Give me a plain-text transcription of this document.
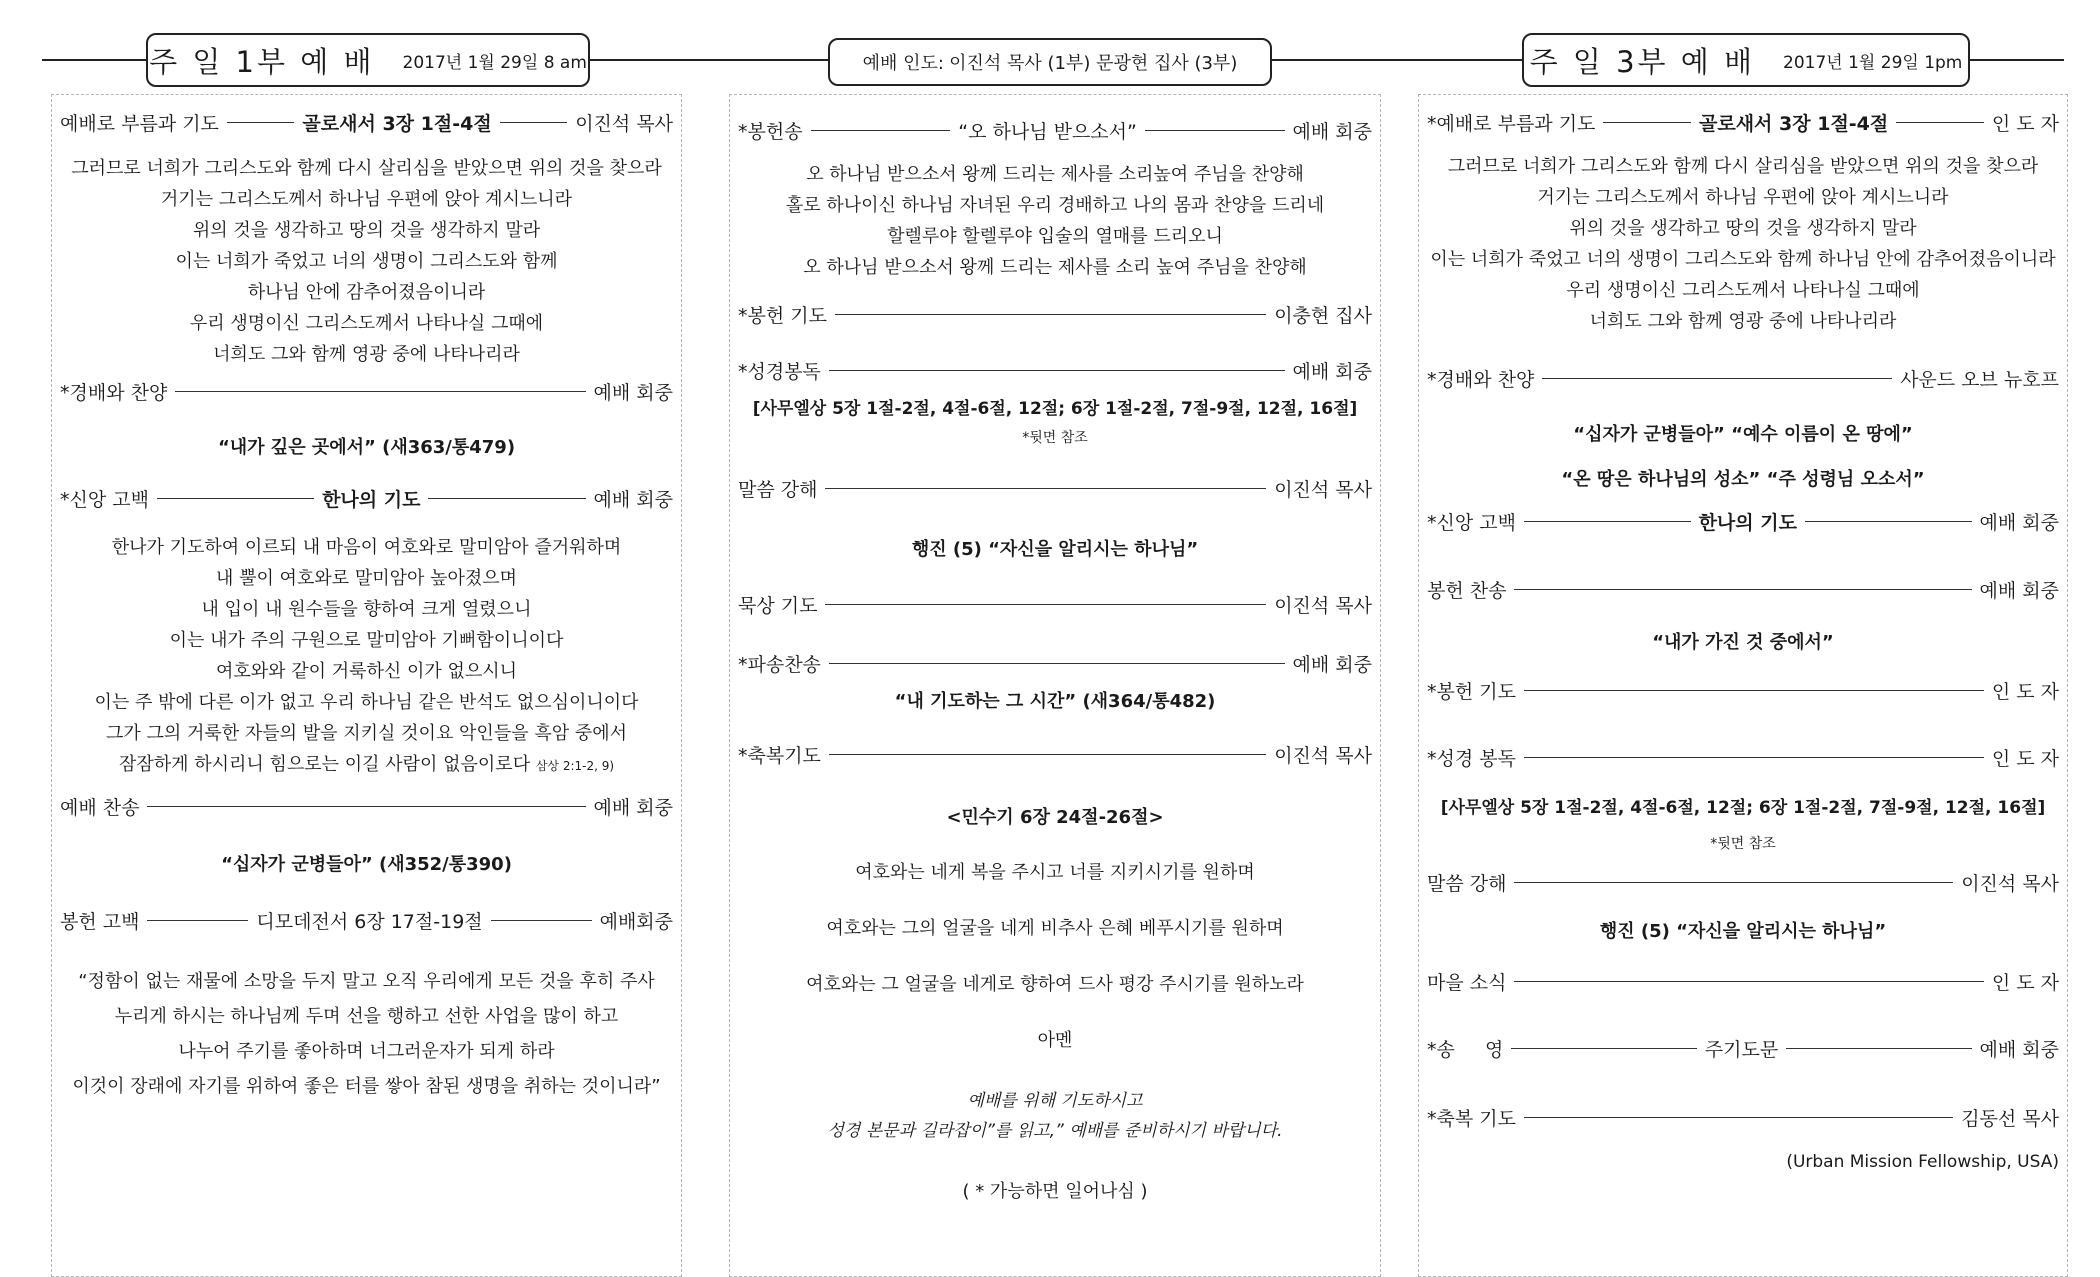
주 일 1부 예 배 2017년 1월 29일 8 am	예배 인도:
이진석 목사 (1부) 문광현 집사 (3부)	주 일 3부 예 배 2017년 1월 29일 1pm
예배로 부름과 기도	골로새서 3장 1절-4절	이진석 목사
그러므로 너희가 그리스도와 함께 다시 살리심을 받았으면 위의 것을 찾으라
거기는 그리스도께서 하나님 우편에 앉아 계시느니라
위의 것을 생각하고 땅의 것을 생각하지 말라
이는 너희가 죽었고 너의 생명이 그리스도와 함께
하나님 안에 감추어졌음이니라
우리 생명이신 그리스도께서 나타나실 그때에
너희도 그와 함께 영광 중에 나타나리라
*경배와 찬양	예배 회중
“내가 깊은 곳에서” (새363/통479)
*신앙 고백	한나의 기도	예배 회중
한나가 기도하여 이르되 내 마음이 여호와로 말미암아 즐거워하며
내 뿔이 여호와로 말미암아 높아졌으며
내 입이 내 원수들을 향하여 크게 열렸으니
이는 내가 주의 구원으로 말미암아 기뻐함이니이다
여호와와 같이 거룩하신 이가 없으시니
이는 주 밖에 다른 이가 없고 우리 하나님 같은 반석도 없으심이니이다
그가 그의 거룩한 자들의 발을 지키실 것이요 악인들을 흑암 중에서
잠잠하게 하시리니 힘으로는 이길 사람이 없음이로다 삼상 2:1-2, 9)
예배 찬송	예배 회중
“십자가 군병들아” (새352/통390)
봉헌 고백	디모데전서 6장 17절-19절	예배회중
“정함이 없는 재물에 소망을 두지 말고 오직 우리에게 모든 것을 후히 주사
누리게 하시는 하나님께 두며 선을 행하고 선한 사업을 많이 하고
나누어 주기를 좋아하며 너그러운자가 되게 하라
이것이 장래에 자기를 위하여 좋은 터를 쌓아 참된 생명을 취하는 것이니라”
*봉헌송	“오 하나님 받으소서”	예배 회중
오 하나님 받으소서 왕께 드리는 제사를 소리높여 주님을 찬양해
홀로 하나이신 하나님 자녀된 우리 경배하고 나의 몸과 찬양을 드리네
할렐루야 할렐루야 입술의 열매를 드리오니
오 하나님 받으소서 왕께 드리는 제사를 소리 높여 주님을 찬양해
*봉헌 기도	이충현 집사
*성경봉독	예배 회중
[사무엘상 5장 1절-2절, 4절-6절, 12절; 6장 1절-2절, 7절-9절, 12절, 16절]
*뒷면 참조
말씀 강해	이진석 목사
행진 (5) “자신을 알리시는 하나님”
묵상 기도	이진석 목사
*파송찬송	예배 회중
“내 기도하는 그 시간” (새364/통482)
*축복기도	이진석 목사
<민수기 6장 24절-26절>
여호와는 네게 복을 주시고 너를 지키시기를 원하며
여호와는 그의 얼굴을 네게 비추사 은혜 베푸시기를 원하며
여호와는 그 얼굴을 네게로 향하여 드사 평강 주시기를 원하노라
아멘
예배를 위해 기도하시고
성경 본문과 길라잡이”를 읽고,” 예배를 준비하시기 바랍니다.
( * 가능하면 일어나심 )
*예배로 부름과 기도	골로새서 3장 1절-4절	인 도 자
그러므로 너희가 그리스도와 함께 다시 살리심을 받았으면 위의 것을 찾으라
거기는 그리스도께서 하나님 우편에 앉아 계시느니라
위의 것을 생각하고 땅의 것을 생각하지 말라
이는 너희가 죽었고 너의 생명이 그리스도와 함께 하나님 안에 감추어졌음이니라
우리 생명이신 그리스도께서 나타나실 그때에
너희도 그와 함께 영광 중에 나타나리라
*경배와 찬양	사운드 오브 뉴호프
“십자가 군병들아” “예수 이름이 온 땅에”
“온 땅은 하나님의 성소” “주 성령님 오소서”
*신앙 고백	한나의 기도	예배 회중
봉헌 찬송	예배 회중
“내가 가진 것 중에서”
*봉헌 기도	인 도 자
*성경 봉독	인 도 자
[사무엘상 5장 1절-2절, 4절-6절, 12절; 6장 1절-2절, 7절-9절, 12절, 16절]
*뒷면 참조
말씀 강해	이진석 목사
행진 (5) “자신을 알리시는 하나님”
마을 소식	인 도 자
*송     영	주기도문	예배 회중
*축복 기도	김동선 목사
(Urban Mission Fellowship, USA)
